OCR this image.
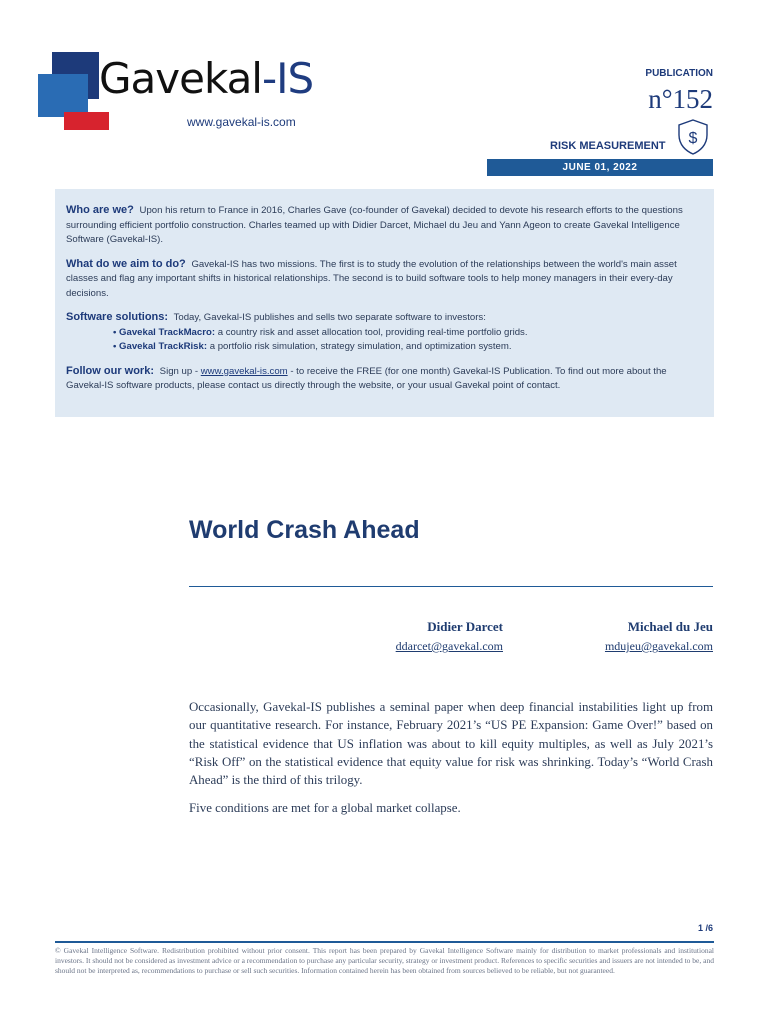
Gavekal-IS
www.gavekal-is.com
PUBLICATION
n°152
RISK MEASUREMENT $
JUNE 01, 2022

Who are we? Upon his return to France in 2016, Charles Gave (co-founder of Gavekal) decided to devote his research efforts to the questions surrounding efficient portfolio construction. Charles teamed up with Didier Darcet, Michael du Jeu and Yann Ageon to create Gavekal Intelligence Software (Gavekal-IS).

What do we aim to do? Gavekal-IS has two missions. The first is to study the evolution of the relationships between the world's main asset classes and flag any important shifts in historical relationships. The second is to build software tools to help money managers in their every-day decisions.

Software solutions: Today, Gavekal-IS publishes and sells two separate software to investors:

• Gavekal TrackMacro: a country risk and asset allocation tool, providing real-time portfolio grids.
• Gavekal TrackRisk: a portfolio risk simulation, strategy simulation, and optimization system.

Follow our work: Sign up - www.gavekal-is.com - to receive the FREE (for one month) Gavekal-IS Publication. To find out more about the Gavekal-IS software products, please contact us directly through the website, or your usual Gavekal point of contact.

World Crash Ahead
Didier Darcet
ddarcet@gavekal.com
Michael du Jeu
mdujeu@gavekal.com

Occasionally, Gavekal-IS publishes a seminal paper when deep financial instabilities light up from our quantitative research. For instance, February 2021’s “US PE Expansion: Game Over!” based on the statistical evidence that US inflation was about to kill equity multiples, as well as July 2021’s “Risk Off” on the statistical evidence that equity value for risk was shrinking. Today’s “World Crash Ahead” is the third of this trilogy.

Five conditions are met for a global market collapse.

1 /6
© Gavekal Intelligence Software. Redistribution prohibited without prior consent. This report has been prepared by Gavekal Intelligence Software mainly for distribution to market professionals and institutional investors. It should not be considered as investment advice or a recommendation to purchase any particular security, strategy or investment product. References to specific securities and issuers are not intended to be, and should not be interpreted as, recommendations to purchase or sell such securities. Information contained herein has been obtained from sources believed to be reliable, but not guaranteed.
